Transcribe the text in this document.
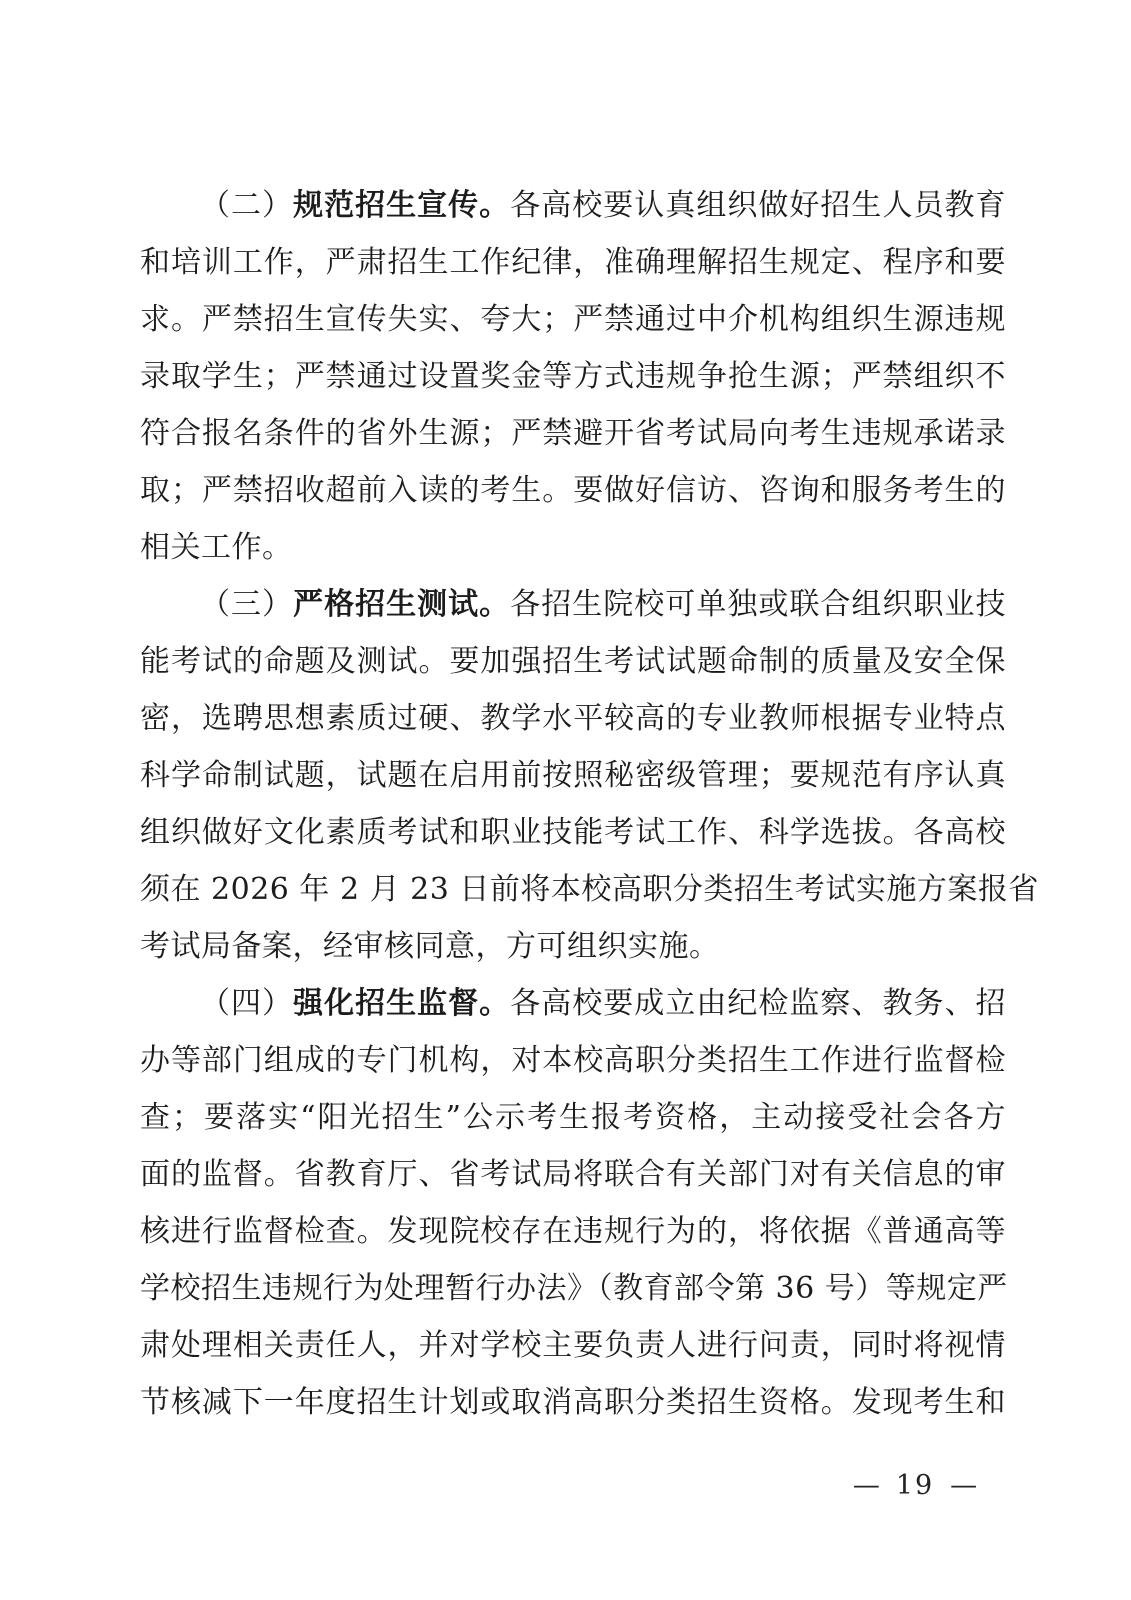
（二）规范招生宣传。各高校要认真组织做好招生人员教育
和培训工作，严肃招生工作纪律，准确理解招生规定、程序和要
求。严禁招生宣传失实、夸大；严禁通过中介机构组织生源违规
录取学生；严禁通过设置奖金等方式违规争抢生源；严禁组织不
符合报名条件的省外生源；严禁避开省考试局向考生违规承诺录
取；严禁招收超前入读的考生。要做好信访、咨询和服务考生的
相关工作。
（三）严格招生测试。各招生院校可单独或联合组织职业技
能考试的命题及测试。要加强招生考试试题命制的质量及安全保
密，选聘思想素质过硬、教学水平较高的专业教师根据专业特点
科学命制试题，试题在启用前按照秘密级管理；要规范有序认真
组织做好文化素质考试和职业技能考试工作、科学选拔。各高校
须在 2026 年 2 月 23 日前将本校高职分类招生考试实施方案报省
考试局备案，经审核同意，方可组织实施。
（四）强化招生监督。各高校要成立由纪检监察、教务、招
办等部门组成的专门机构，对本校高职分类招生工作进行监督检
查；要落实“阳光招生”公示考生报考资格，主动接受社会各方
面的监督。省教育厅、省考试局将联合有关部门对有关信息的审
核进行监督检查。发现院校存在违规行为的，将依据《普通高等
学校招生违规行为处理暂行办法》（教育部令第 36 号）等规定严
肃处理相关责任人，并对学校主要负责人进行问责，同时将视情
节核减下一年度招生计划或取消高职分类招生资格。发现考生和
— 19 —
